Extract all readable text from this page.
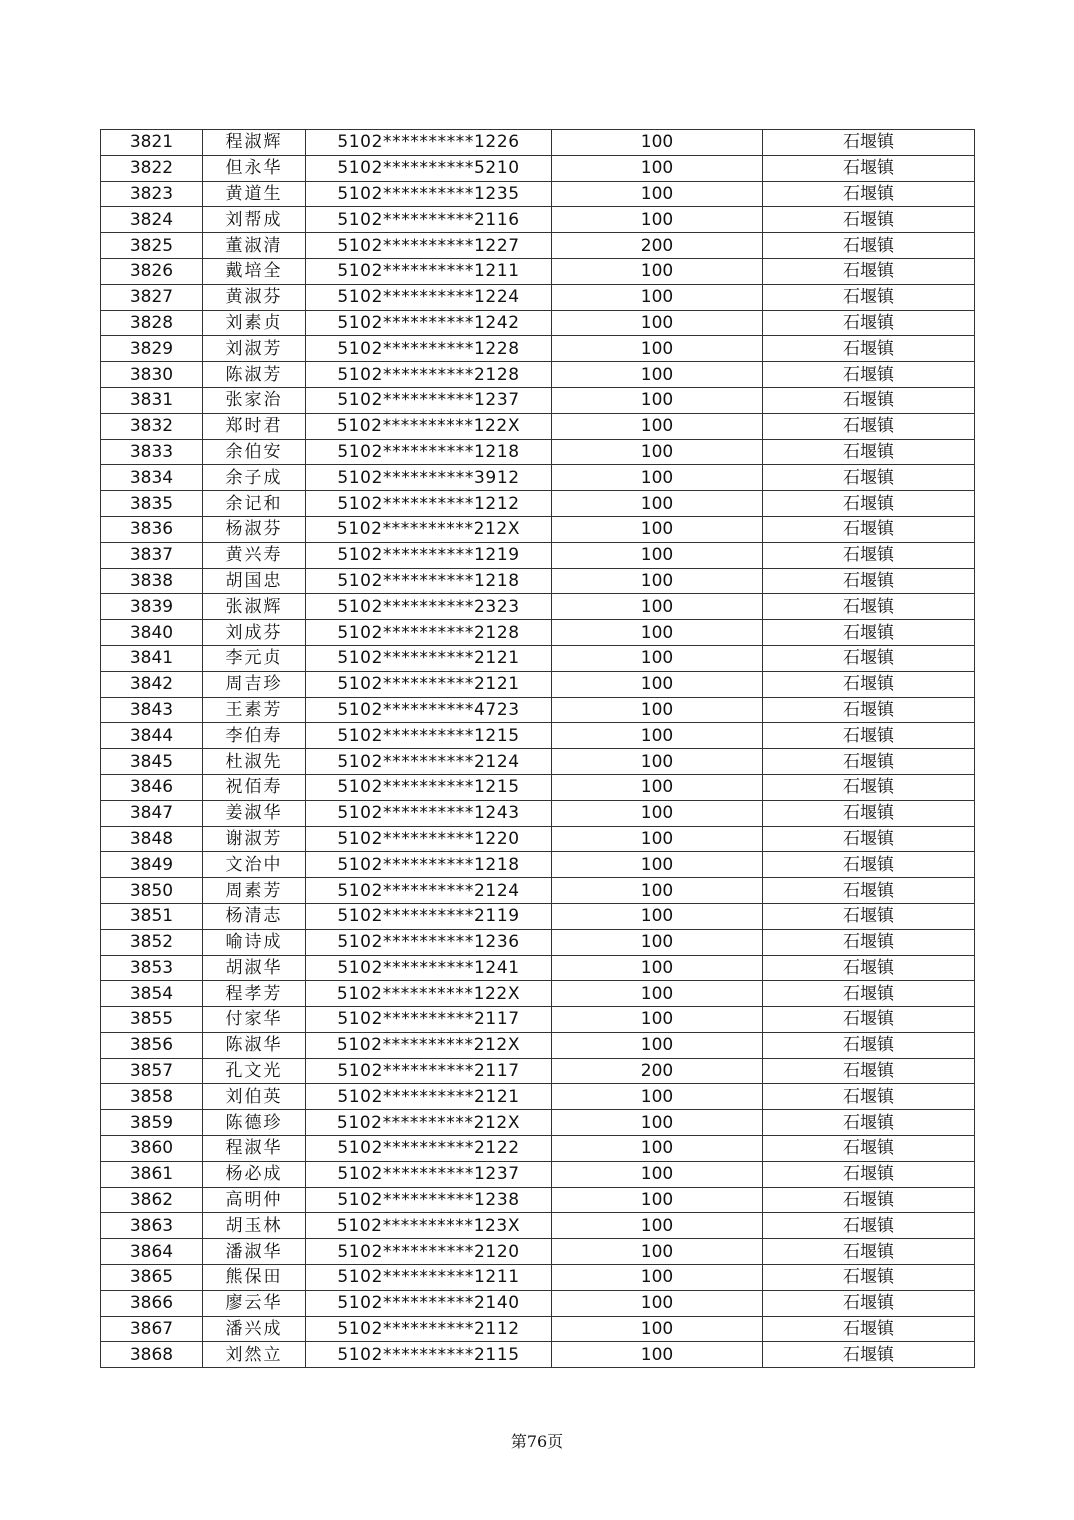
3821	程淑辉	5102**********1226	100	石堰镇
3822	但永华	5102**********5210	100	石堰镇
3823	黄道生	5102**********1235	100	石堰镇
3824	刘帮成	5102**********2116	100	石堰镇
3825	董淑清	5102**********1227	200	石堰镇
3826	戴培全	5102**********1211	100	石堰镇
3827	黄淑芬	5102**********1224	100	石堰镇
3828	刘素贞	5102**********1242	100	石堰镇
3829	刘淑芳	5102**********1228	100	石堰镇
3830	陈淑芳	5102**********2128	100	石堰镇
3831	张家治	5102**********1237	100	石堰镇
3832	郑时君	5102**********122X	100	石堰镇
3833	余伯安	5102**********1218	100	石堰镇
3834	余子成	5102**********3912	100	石堰镇
3835	余记和	5102**********1212	100	石堰镇
3836	杨淑芬	5102**********212X	100	石堰镇
3837	黄兴寿	5102**********1219	100	石堰镇
3838	胡国忠	5102**********1218	100	石堰镇
3839	张淑辉	5102**********2323	100	石堰镇
3840	刘成芬	5102**********2128	100	石堰镇
3841	李元贞	5102**********2121	100	石堰镇
3842	周吉珍	5102**********2121	100	石堰镇
3843	王素芳	5102**********4723	100	石堰镇
3844	李伯寿	5102**********1215	100	石堰镇
3845	杜淑先	5102**********2124	100	石堰镇
3846	祝佰寿	5102**********1215	100	石堰镇
3847	姜淑华	5102**********1243	100	石堰镇
3848	谢淑芳	5102**********1220	100	石堰镇
3849	文治中	5102**********1218	100	石堰镇
3850	周素芳	5102**********2124	100	石堰镇
3851	杨清志	5102**********2119	100	石堰镇
3852	喻诗成	5102**********1236	100	石堰镇
3853	胡淑华	5102**********1241	100	石堰镇
3854	程孝芳	5102**********122X	100	石堰镇
3855	付家华	5102**********2117	100	石堰镇
3856	陈淑华	5102**********212X	100	石堰镇
3857	孔文光	5102**********2117	200	石堰镇
3858	刘伯英	5102**********2121	100	石堰镇
3859	陈德珍	5102**********212X	100	石堰镇
3860	程淑华	5102**********2122	100	石堰镇
3861	杨必成	5102**********1237	100	石堰镇
3862	高明仲	5102**********1238	100	石堰镇
3863	胡玉林	5102**********123X	100	石堰镇
3864	潘淑华	5102**********2120	100	石堰镇
3865	熊保田	5102**********1211	100	石堰镇
3866	廖云华	5102**********2140	100	石堰镇
3867	潘兴成	5102**********2112	100	石堰镇
3868	刘然立	5102**********2115	100	石堰镇
第76页
